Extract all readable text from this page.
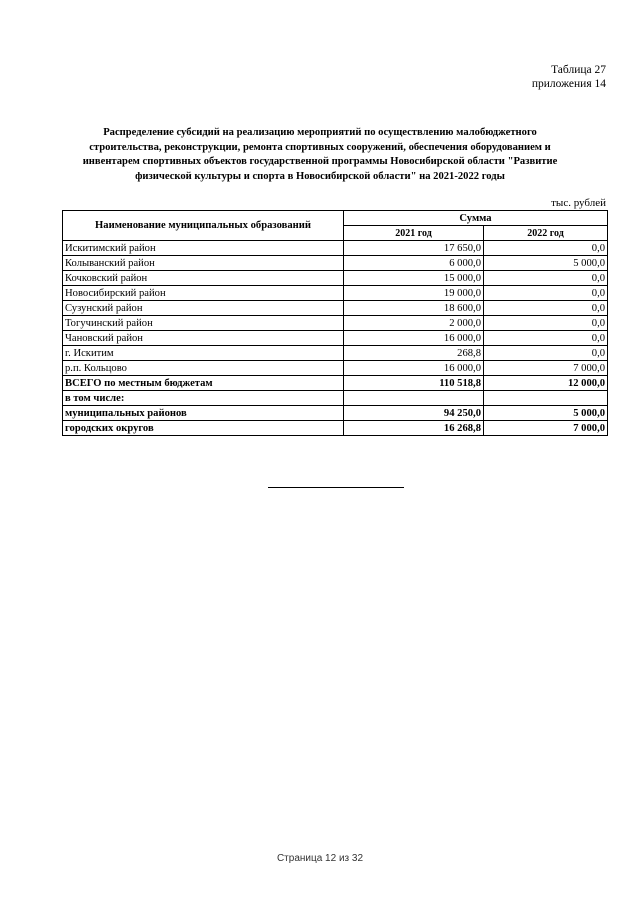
Таблица 27
приложения 14
Распределение субсидий на реализацию мероприятий по осуществлению малобюджетного строительства, реконструкции, ремонта спортивных сооружений, обеспечения оборудованием и инвентарем спортивных объектов государственной программы Новосибирской области "Развитие физической культуры и спорта в Новосибирской области" на 2021-2022 годы
тыс. рублей
Наименование муниципальных образований	Сумма	
	2021 год	2022 год
Искитимский район	17 650,0	0,0
Колыванский район	6 000,0	5 000,0
Кочковский район	15 000,0	0,0
Новосибирский район	19 000,0	0,0
Сузунский район	18 600,0	0,0
Тогучинский район	2 000,0	0,0
Чановский район	16 000,0	0,0
г. Искитим	268,8	0,0
р.п. Кольцово	16 000,0	7 000,0
ВСЕГО по местным бюджетам	110 518,8	12 000,0
в том числе:		
муниципальных районов	94 250,0	5 000,0
городских округов	16 268,8	7 000,0
Страница 12 из 32
